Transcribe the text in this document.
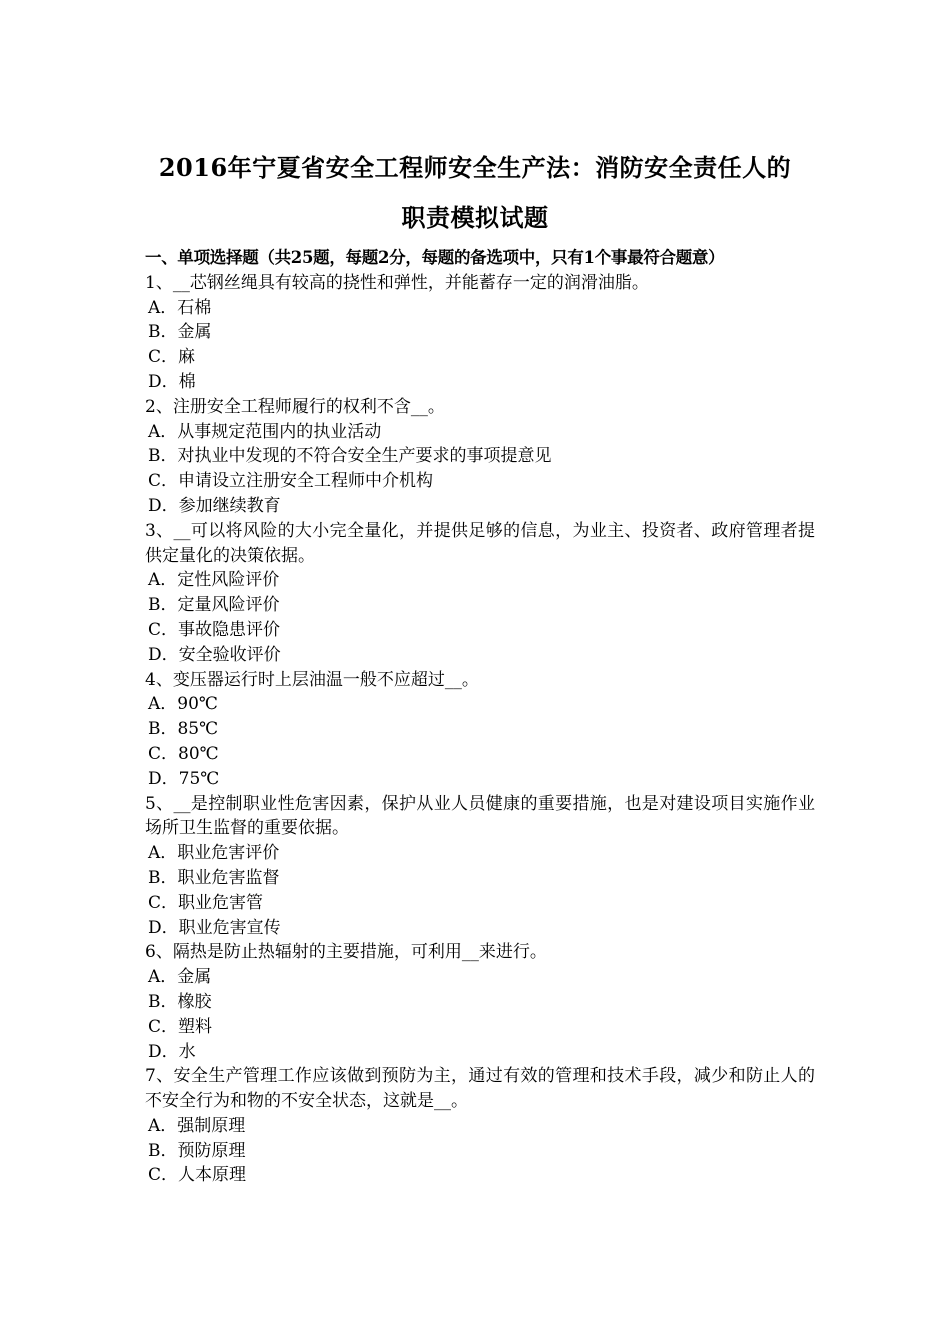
2016年宁夏省安全工程师安全生产法：消防安全责任人的
职责模拟试题
一、单项选择题（共25题，每题2分，每题的备选项中，只有1个事最符合题意）
1、__芯钢丝绳具有较高的挠性和弹性，并能蓄存一定的润滑油脂。
A．石棉
B．金属
C．麻
D．棉
2、注册安全工程师履行的权利不含__。
A．从事规定范围内的执业活动
B．对执业中发现的不符合安全生产要求的事项提意见
C．申请设立注册安全工程师中介机构
D．参加继续教育
3、__可以将风险的大小完全量化，并提供足够的信息，为业主、投资者、政府管理者提供定量化的决策依据。
A．定性风险评价
B．定量风险评价
C．事故隐患评价
D．安全验收评价
4、变压器运行时上层油温一般不应超过__。
A．90℃
B．85℃
C．80℃
D．75℃
5、__是控制职业性危害因素，保护从业人员健康的重要措施，也是对建设项目实施作业场所卫生监督的重要依据。
A．职业危害评价
B．职业危害监督
C．职业危害管
D．职业危害宣传
6、隔热是防止热辐射的主要措施，可利用__来进行。
A．金属
B．橡胶
C．塑料
D．水
7、安全生产管理工作应该做到预防为主，通过有效的管理和技术手段，减少和防止人的不安全行为和物的不安全状态，这就是__。
A．强制原理
B．预防原理
C．人本原理
